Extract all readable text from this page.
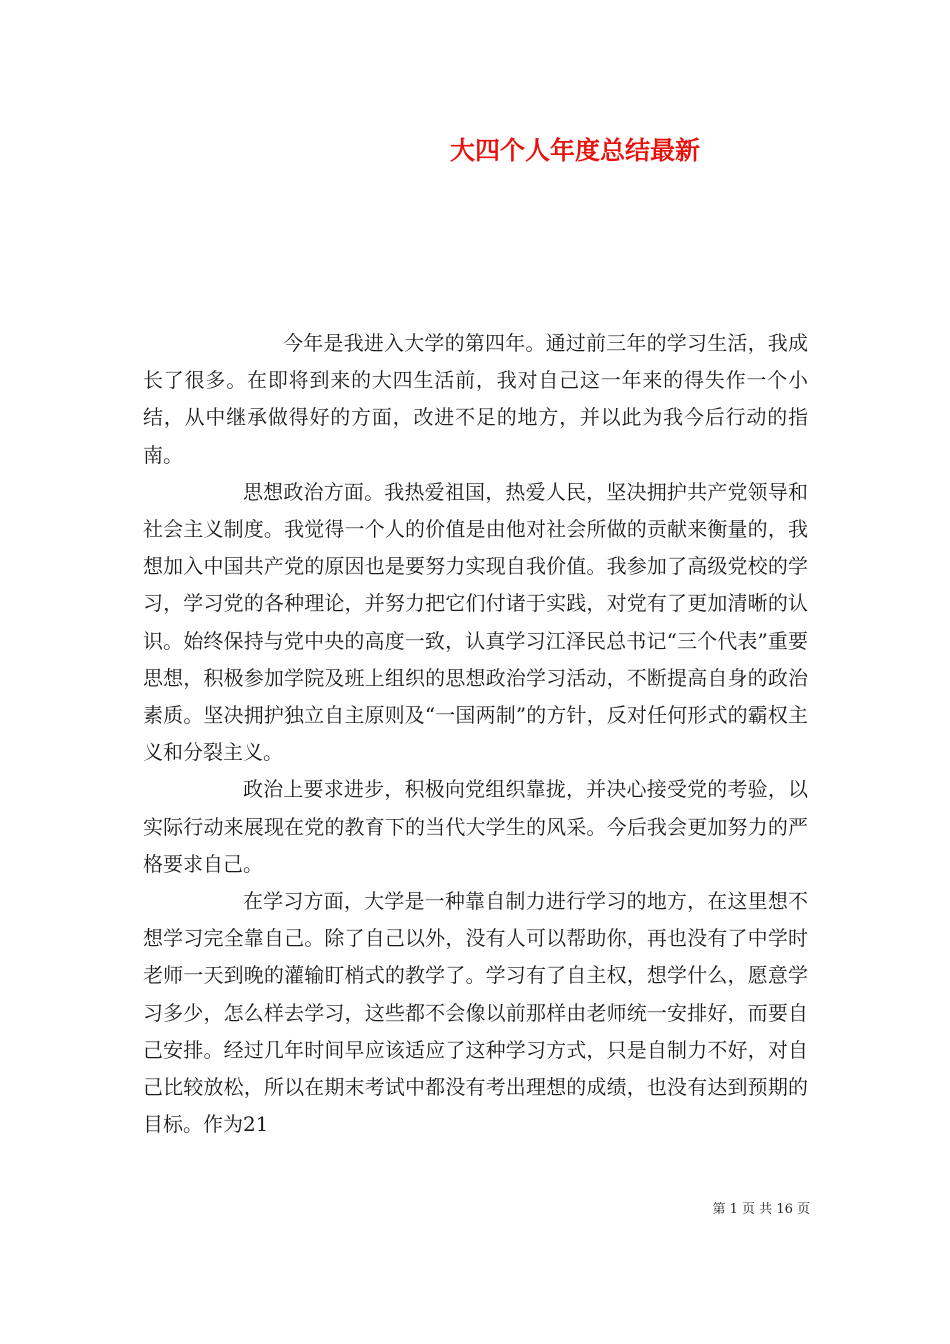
大四个人年度总结最新

今年是我进入大学的第四年。通过前三年的学习生活，我成长了很多。在即将到来的大四生活前，我对自己这一年来的得失作一个小结，从中继承做得好的方面，改进不足的地方，并以此为我今后行动的指南。

思想政治方面。我热爱祖国，热爱人民，坚决拥护共产党领导和社会主义制度。我觉得一个人的价值是由他对社会所做的贡献来衡量的，我想加入中国共产党的原因也是要努力实现自我价值。我参加了高级党校的学习，学习党的各种理论，并努力把它们付诸于实践，对党有了更加清晰的认识。始终保持与党中央的高度一致，认真学习江泽民总书记“三个代表”重要思想，积极参加学院及班上组织的思想政治学习活动，不断提高自身的政治素质。坚决拥护独立自主原则及“一国两制”的方针，反对任何形式的霸权主义和分裂主义。

政治上要求进步，积极向党组织靠拢，并决心接受党的考验，以实际行动来展现在党的教育下的当代大学生的风采。今后我会更加努力的严格要求自己。

在学习方面，大学是一种靠自制力进行学习的地方，在这里想不想学习完全靠自己。除了自己以外，没有人可以帮助你，再也没有了中学时老师一天到晚的灌输盯梢式的教学了。学习有了自主权，想学什么，愿意学习多少，怎么样去学习，这些都不会像以前那样由老师统一安排好，而要自己安排。经过几年时间早应该适应了这种学习方式，只是自制力不好，对自己比较放松，所以在期末考试中都没有考出理想的成绩，也没有达到预期的目标。作为21

第 1 页 共 16 页
